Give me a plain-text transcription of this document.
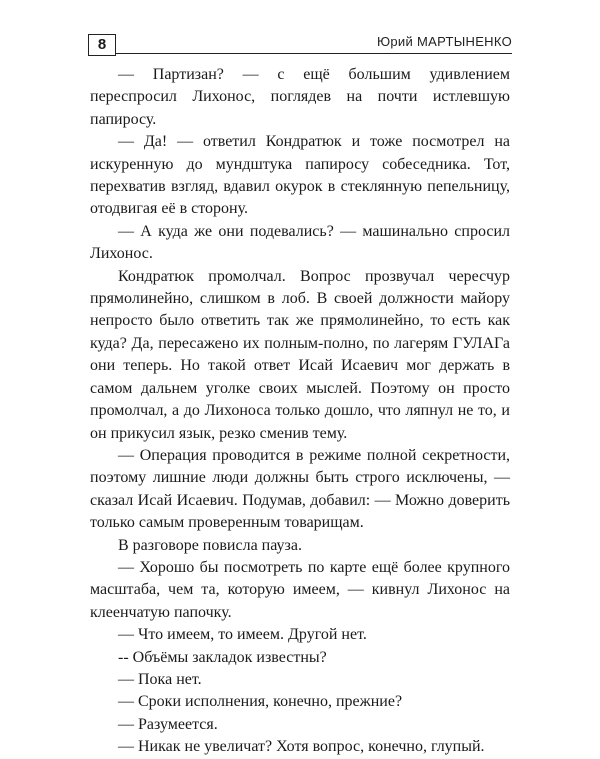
8	Юрий МАРТЫНЕНКО

— Партизан? — с ещё большим удивлением переспросил Лихонос, поглядев на почти истлевшую папиросу.

— Да! — ответил Кондратюк и тоже посмотрел на искуренную до мундштука папиросу собеседника. Тот, перехватив взгляд, вдавил окурок в стеклянную пепельницу, отодвигая её в сторону.

— А куда же они подевались? — машинально спросил Лихонос.

Кондратюк промолчал. Вопрос прозвучал чересчур прямолинейно, слишком в лоб. В своей должности майору непросто было ответить так же прямолинейно, то есть как куда? Да, пересажено их полным-полно, по лагерям ГУЛАГа они теперь. Но такой ответ Исай Исаевич мог держать в самом дальнем уголке своих мыслей. Поэтому он просто промолчал, а до Лихоноса только дошло, что ляпнул не то, и он прикусил язык, резко сменив тему.

— Операция проводится в режиме полной секретности, поэтому лишние люди должны быть строго исключены, — сказал Исай Исаевич. Подумав, добавил: — Можно доверить только самым проверенным товарищам.

В разговоре повисла пауза.

— Хорошо бы посмотреть по карте ещё более крупного масштаба, чем та, которую имеем, — кивнул Лихонос на клеенчатую папочку.

— Что имеем, то имеем. Другой нет.

-- Объёмы закладок известны?

— Пока нет.

— Сроки исполнения, конечно, прежние?

— Разумеется.

— Никак не увеличат? Хотя вопрос, конечно, глупый.
